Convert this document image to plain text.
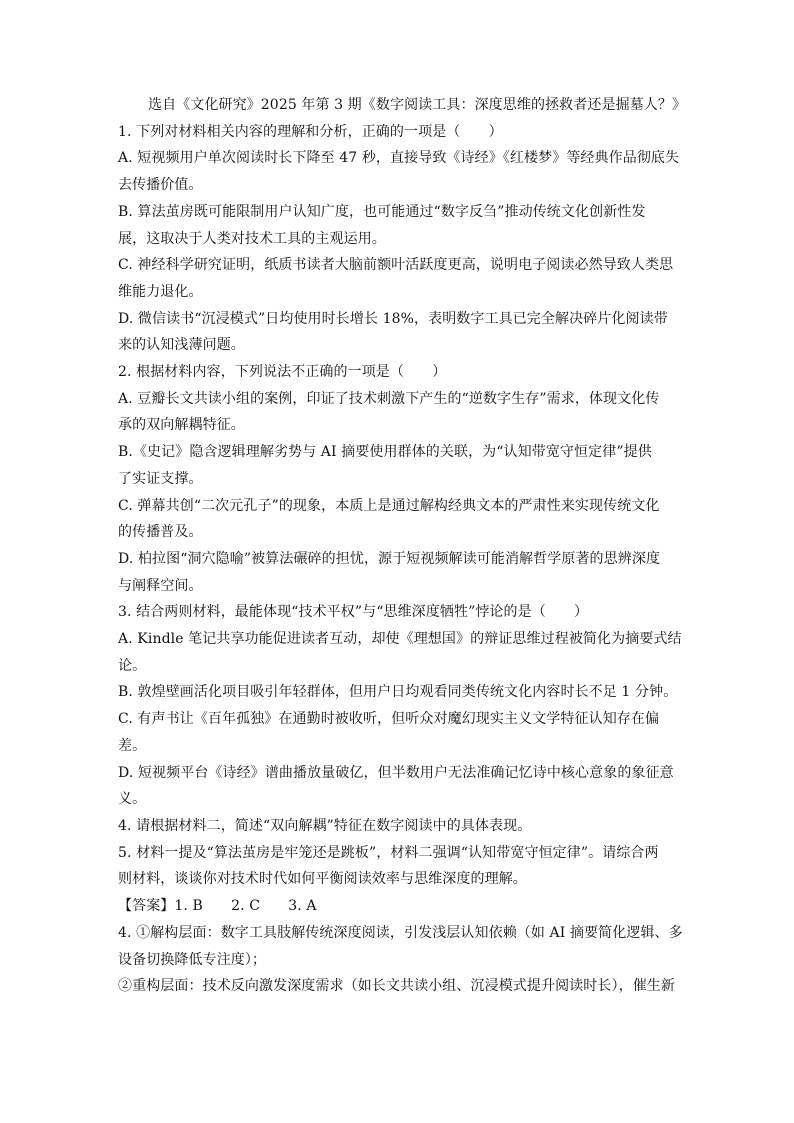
选自《文化研究》2025 年第 3 期《数字阅读工具：深度思维的拯救者还是掘墓人？》
1. 下列对材料相关内容的理解和分析，正确的一项是（　　）
A. 短视频用户单次阅读时长下降至 47 秒，直接导致《诗经》《红楼梦》等经典作品彻底失
去传播价值。
B. 算法茧房既可能限制用户认知广度，也可能通过“数字反刍”推动传统文化创新性发
展，这取决于人类对技术工具的主观运用。
C. 神经科学研究证明，纸质书读者大脑前额叶活跃度更高，说明电子阅读必然导致人类思
维能力退化。
D. 微信读书“沉浸模式”日均使用时长增长 18%，表明数字工具已完全解决碎片化阅读带
来的认知浅薄问题。
2. 根据材料内容，下列说法不正确的一项是（　　）
A. 豆瓣长文共读小组的案例，印证了技术刺激下产生的“逆数字生存”需求，体现文化传
承的双向解耦特征。
B.《史记》隐含逻辑理解劣势与 AI 摘要使用群体的关联，为“认知带宽守恒定律”提供
了实证支撑。
C. 弹幕共创“二次元孔子”的现象，本质上是通过解构经典文本的严肃性来实现传统文化
的传播普及。
D. 柏拉图“洞穴隐喻”被算法碾碎的担忧，源于短视频解读可能消解哲学原著的思辨深度
与阐释空间。
3. 结合两则材料，最能体现“技术平权”与“思维深度牺牲”悖论的是（　　）
A. Kindle 笔记共享功能促进读者互动，却使《理想国》的辩证思维过程被简化为摘要式结
论。
B. 敦煌壁画活化项目吸引年轻群体，但用户日均观看同类传统文化内容时长不足 1 分钟。
C. 有声书让《百年孤独》在通勤时被收听，但听众对魔幻现实主义文学特征认知存在偏
差。
D. 短视频平台《诗经》谱曲播放量破亿，但半数用户无法准确记忆诗中核心意象的象征意
义。
4. 请根据材料二，简述“双向解耦”特征在数字阅读中的具体表现。
5. 材料一提及“算法茧房是牢笼还是跳板”，材料二强调“认知带宽守恒定律”。请综合两
则材料，谈谈你对技术时代如何平衡阅读效率与思维深度的理解。
【答案】1. B　　2. C　　3. A
4. ①解构层面：数字工具肢解传统深度阅读，引发浅层认知依赖（如 AI 摘要简化逻辑、多
设备切换降低专注度）；
②重构层面：技术反向激发深度需求（如长文共读小组、沉浸模式提升阅读时长），催生新
